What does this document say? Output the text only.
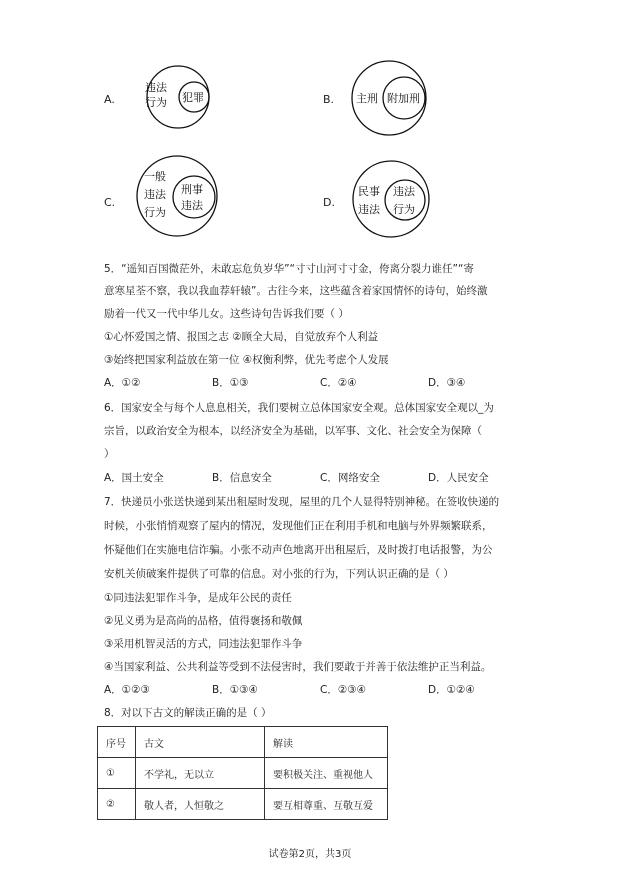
A.
违法
行为 犯罪	B. 主刑 附加刑
C.
一般
违法
行为
刑事
违法	D.
民事
违法
违法
行为
5．“遥知百国微茫外，未敢忘危负岁华”“寸寸山河寸寸金，侉离分裂力谁任”“寄
意寒星荃不察，我以我血荐轩辕”。古往今来，这些蕴含着家国情怀的诗句，始终激
励着一代又一代中华儿女。这些诗句告诉我们要（ ）
①心怀爱国之情、报国之志 ②顾全大局，自觉放弃个人利益
③始终把国家利益放在第一位 ④权衡利弊，优先考虑个人发展
A．①②	B．①③	C．②④	D．③④
6．国家安全与每个人息息相关，我们要树立总体国家安全观。总体国家安全观以_为
宗旨，以政治安全为根本，以经济安全为基础，以军事、文化、社会安全为保障（
）
A．国土安全	B．信息安全	C．网络安全	D．人民安全
7．快递员小张送快递到某出租屋时发现，屋里的几个人显得特别神秘。在签收快递的
时候，小张悄悄观察了屋内的情况，发现他们正在利用手机和电脑与外界频繁联系，
怀疑他们在实施电信诈骗。小张不动声色地离开出租屋后，及时拨打电话报警，为公
安机关侦破案件提供了可靠的信息。对小张的行为，下列认识正确的是（ ）
①同违法犯罪作斗争，是成年公民的责任
②见义勇为是高尚的品格，值得褒扬和敬佩
③采用机智灵活的方式，同违法犯罪作斗争
④当国家利益、公共利益等受到不法侵害时，我们要敢于并善于依法维护正当利益。
A．①②③	B．①③④	C．②③④	D．①②④
8．对以下古文的解读正确的是（ ）
序号	古文	解读
①	不学礼，无以立	要积极关注、重视他人
②	敬人者，人恒敬之	要互相尊重、互敬互爱
试卷第2页，共3页
